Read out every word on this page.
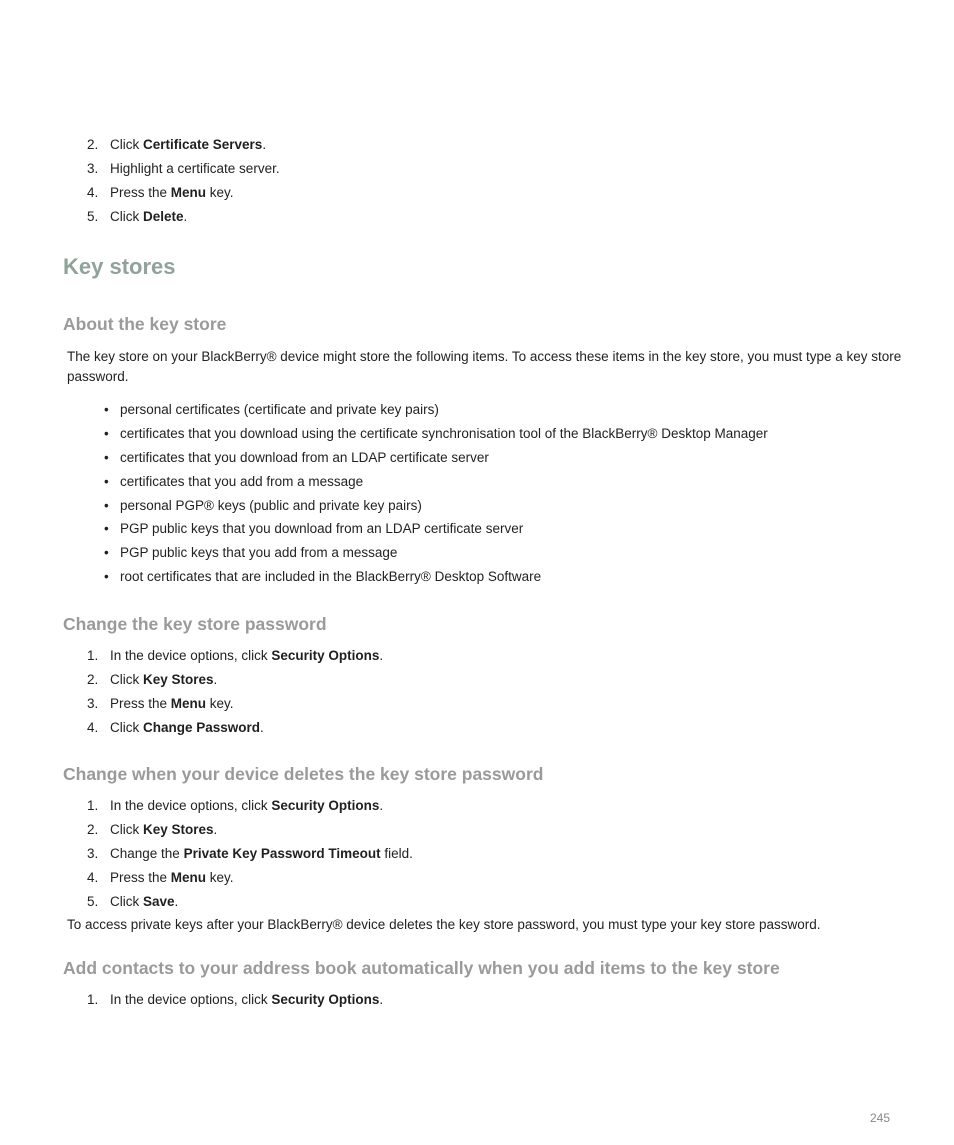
2. Click Certificate Servers.
3. Highlight a certificate server.
4. Press the Menu key.
5. Click Delete.
Key stores
About the key store

The key store on your BlackBerry® device might store the following items. To access these items in the key store, you must type a key store password.

• personal certificates (certificate and private key pairs)
• certificates that you download using the certificate synchronisation tool of the BlackBerry® Desktop Manager
• certificates that you download from an LDAP certificate server
• certificates that you add from a message
• personal PGP® keys (public and private key pairs)
• PGP public keys that you download from an LDAP certificate server
• PGP public keys that you add from a message
• root certificates that are included in the BlackBerry® Desktop Software
Change the key store password
1. In the device options, click Security Options.
2. Click Key Stores.
3. Press the Menu key.
4. Click Change Password.
Change when your device deletes the key store password
1. In the device options, click Security Options.
2. Click Key Stores.
3. Change the Private Key Password Timeout field.
4. Press the Menu key.
5. Click Save.

To access private keys after your BlackBerry® device deletes the key store password, you must type your key store password.

Add contacts to your address book automatically when you add items to the key store
1. In the device options, click Security Options.
245
